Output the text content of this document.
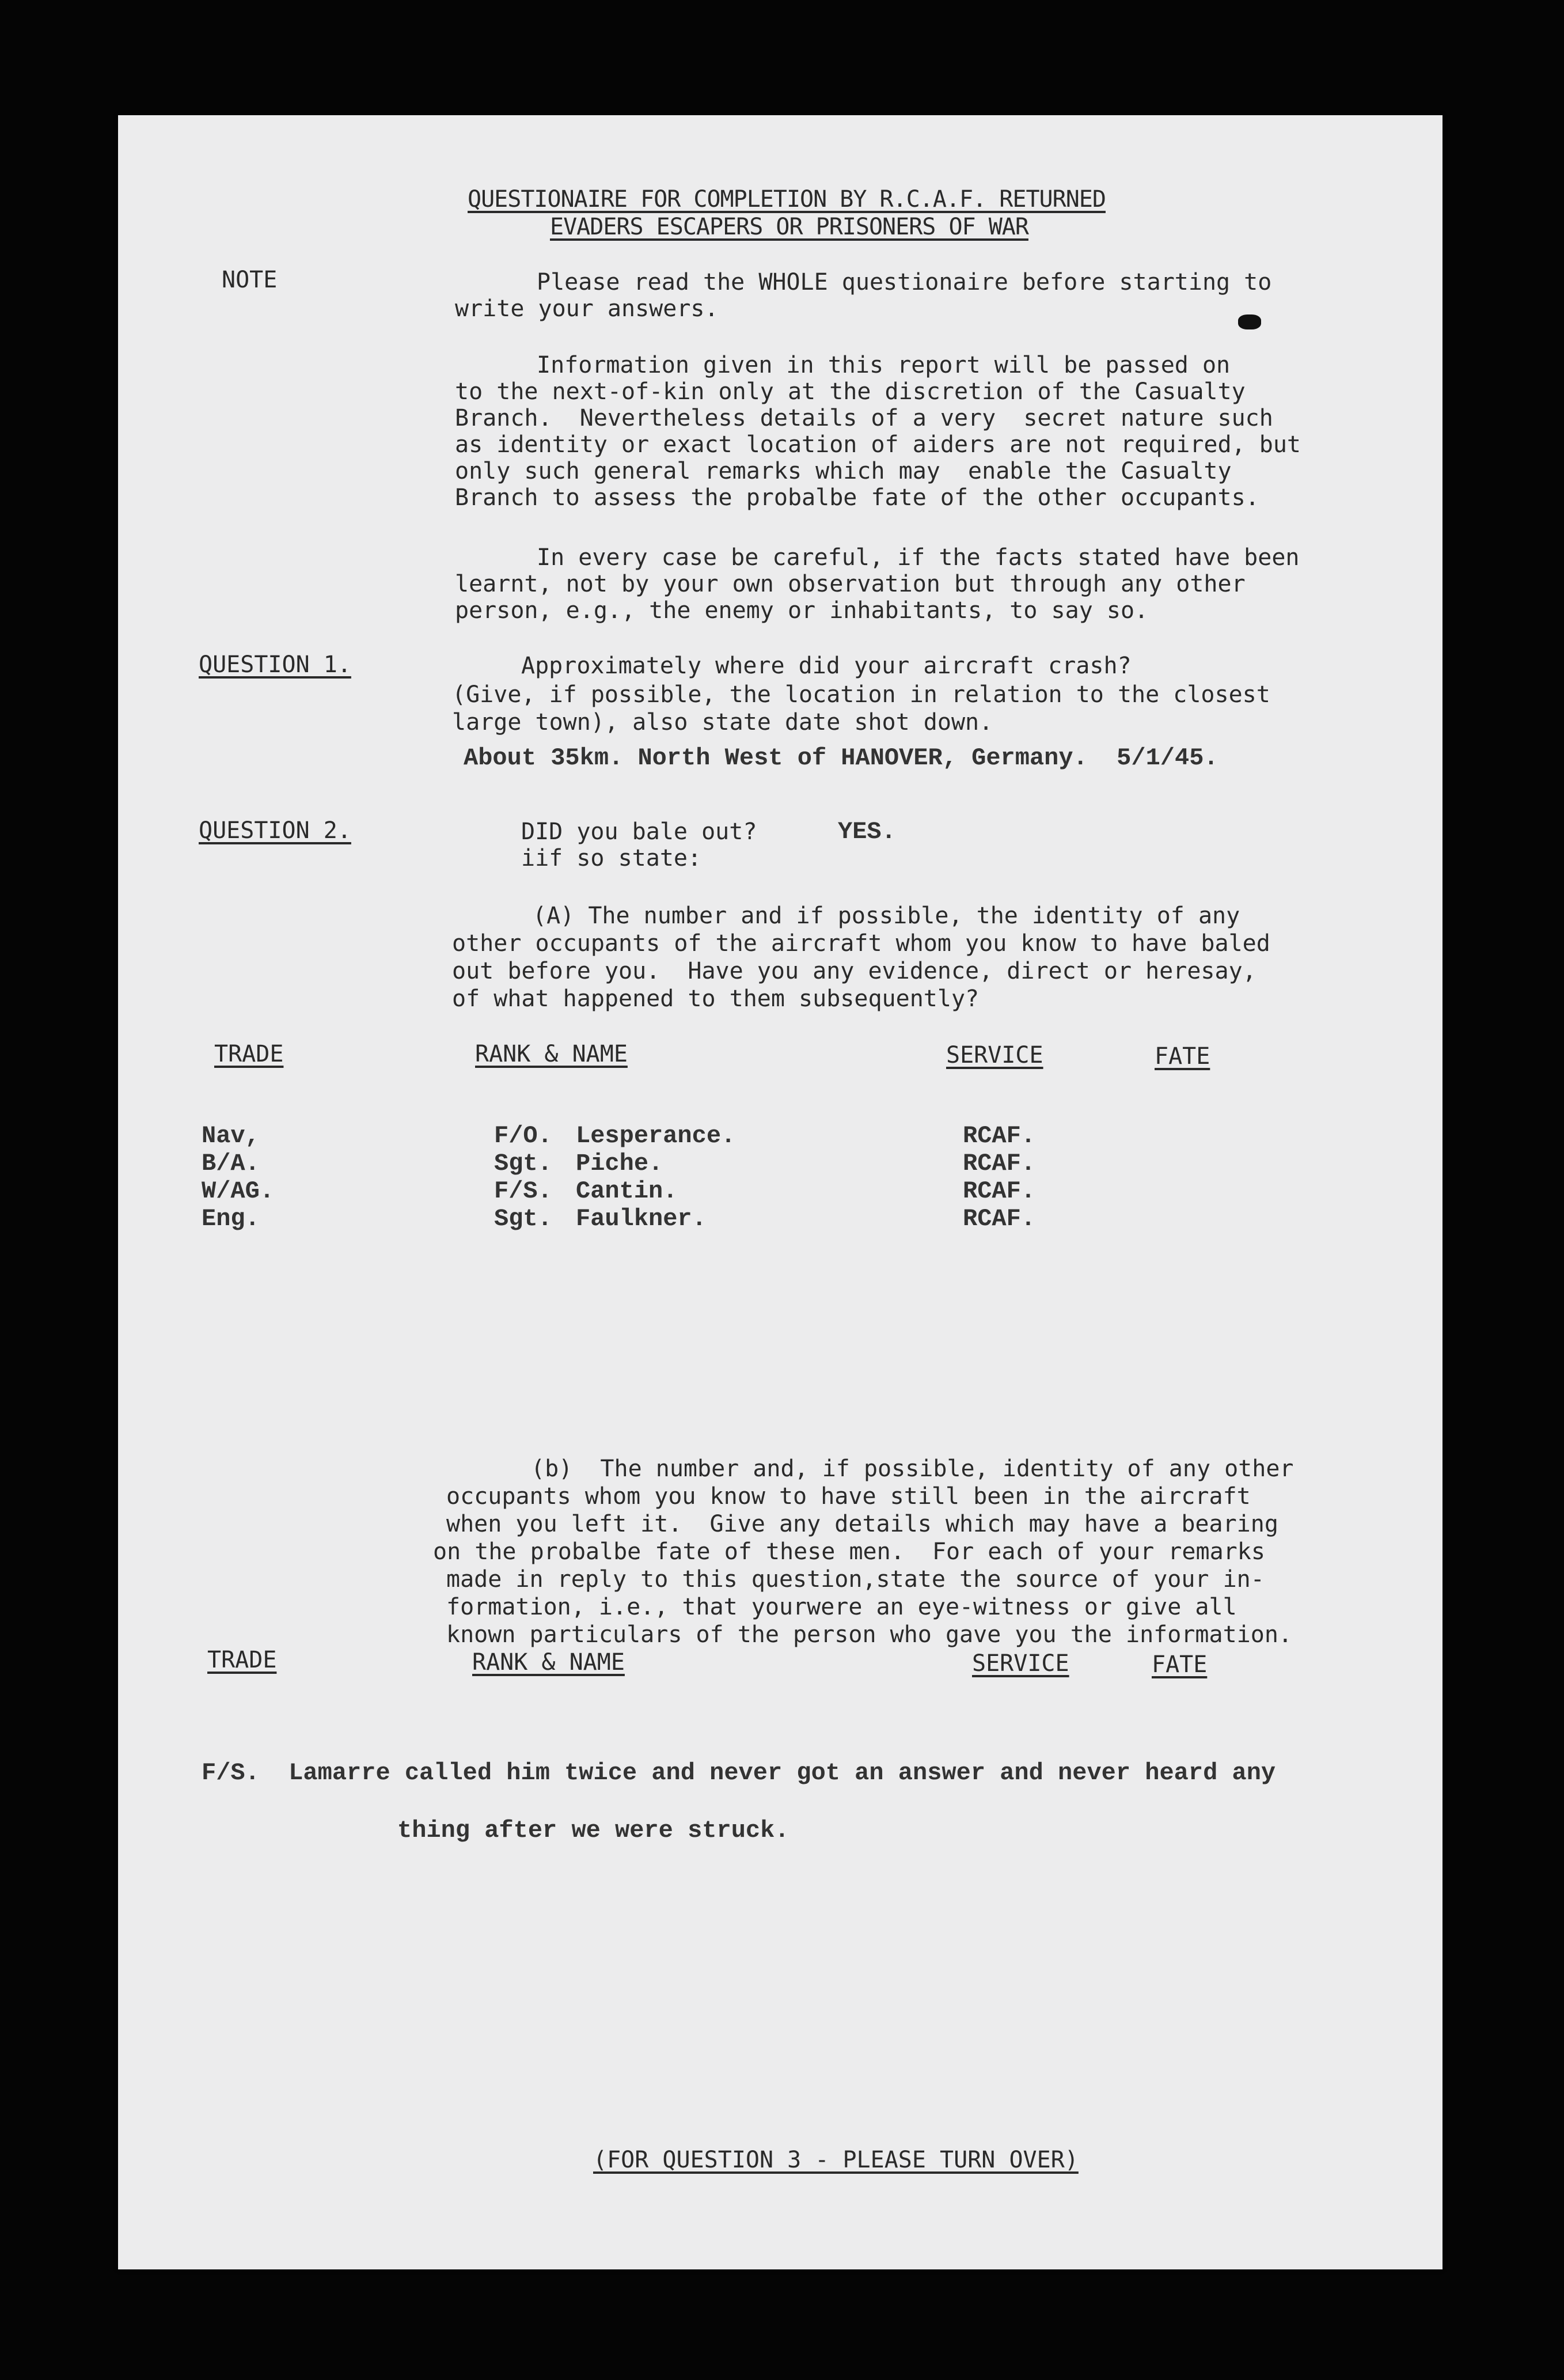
QUESTIONAIRE FOR COMPLETION BY R.C.A.F. RETURNED
EVADERS ESCAPERS OR PRISONERS OF WAR
NOTE	Please read the WHOLE questionaire before starting to
write your answers.
Information given in this report will be passed on
to the next-of-kin only at the discretion of the Casualty
Branch.  Nevertheless details of a very  secret nature such
as identity or exact location of aiders are not required, but
only such general remarks which may  enable the Casualty
Branch to assess the probalbe fate of the other occupants.
In every case be careful, if the facts stated have been
learnt, not by your own observation but through any other
person, e.g., the enemy or inhabitants, to say so.
QUESTION 1.	Approximately where did your aircraft crash?
(Give, if possible, the location in relation to the closest
large town), also state date shot down.
About 35km. North West of HANOVER, Germany.  5/1/45.
QUESTION 2.	DID you bale out?	YES.
iif so state:
(A) The number and if possible, the identity of any
other occupants of the aircraft whom you know to have baled
out before you.  Have you any evidence, direct or heresay,
of what happened to them subsequently?
TRADE	RANK & NAME	SERVICE	FATE
Nav,	F/O. Lesperance.	RCAF.
B/A.	Sgt. Piche.	RCAF.
W/AG.	F/S. Cantin.	RCAF.
Eng.	Sgt. Faulkner.	RCAF.
(b)  The number and, if possible, identity of any other
occupants whom you know to have still been in the aircraft
when you left it.  Give any details which may have a bearing
on the probalbe fate of these men.  For each of your remarks
made in reply to this question,state the source of your in-
formation, i.e., that yourwere an eye-witness or give all
known particulars of the person who gave you the information.
TRADE	RANK & NAME	SERVICE	FATE
F/S.  Lamarre called him twice and never got an answer and never heard any
thing after we were struck.
(FOR QUESTION 3 - PLEASE TURN OVER)
